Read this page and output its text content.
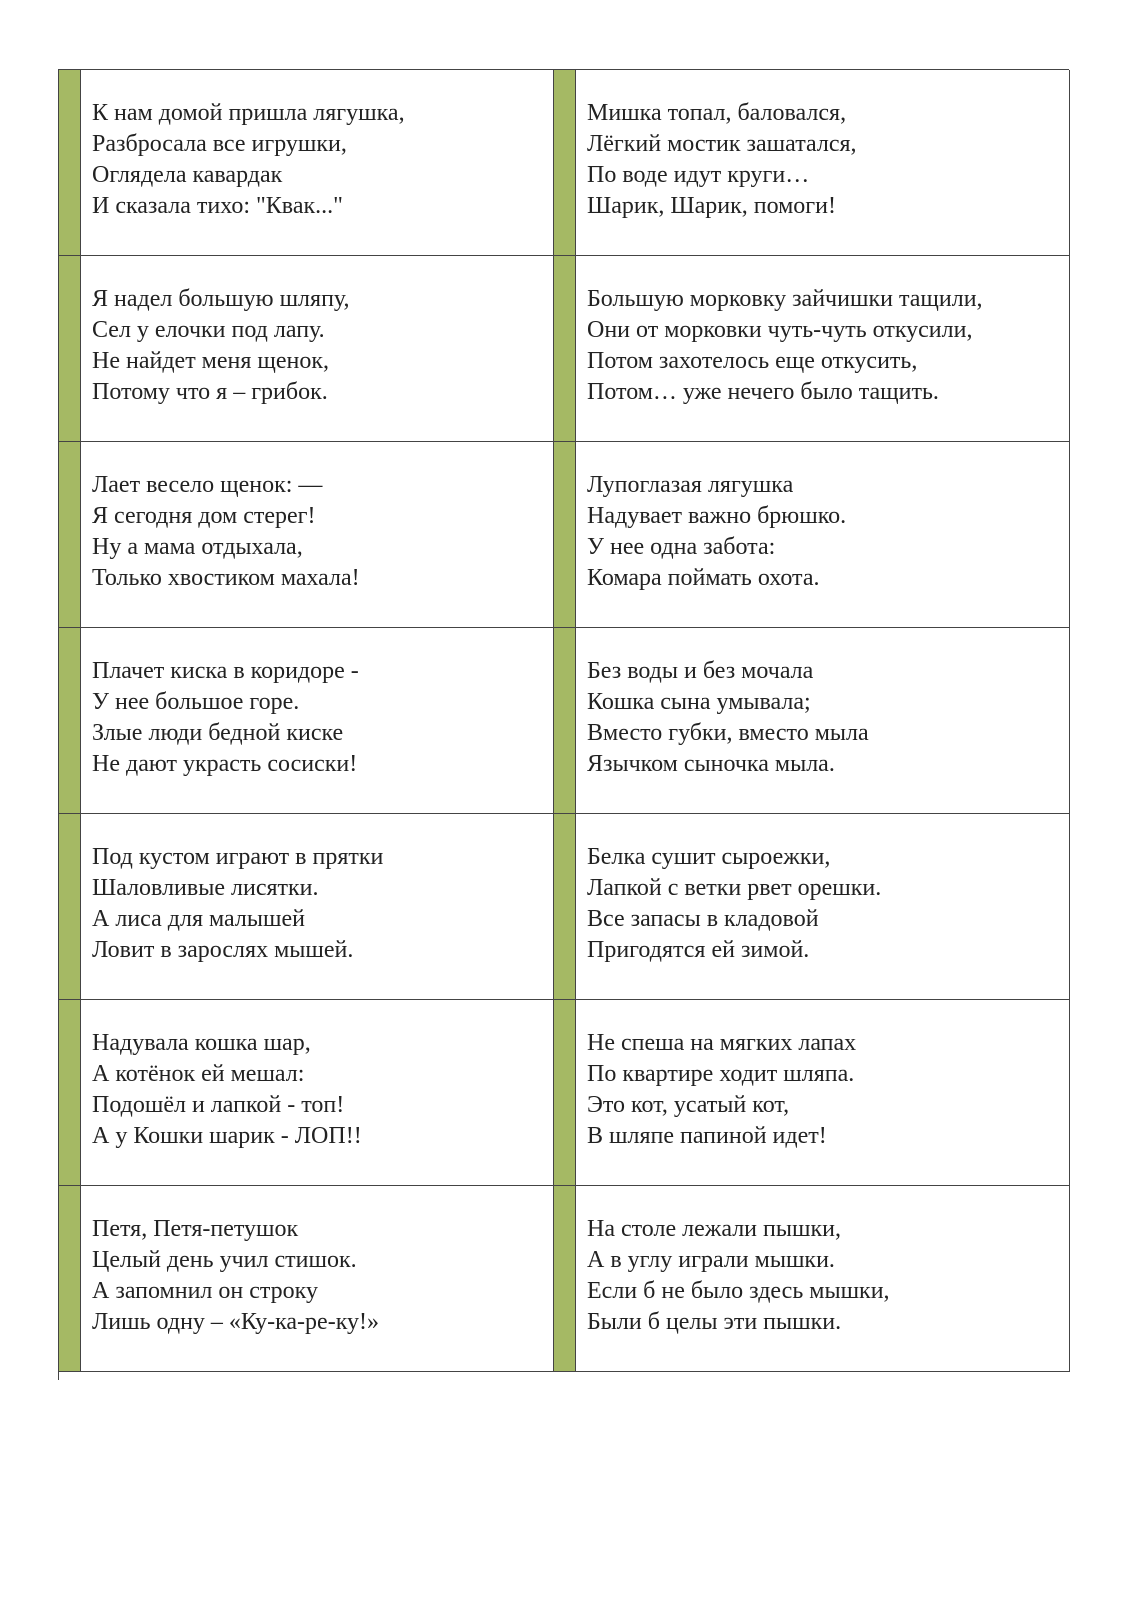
К нам домой пришла лягушка,
Разбросала все игрушки,
Оглядела кавардак
И сказала тихо: "Квак..."
Мишка топал, баловался,
Лёгкий мостик зашатался,
По воде идут круги…
Шарик, Шарик, помоги!
Я надел большую шляпу,
Сел у елочки под лапу.
Не найдет меня щенок,
Потому что я – грибок.
Большую морковку зайчишки тащили,
Они от морковки чуть-чуть откусили,
Потом захотелось еще откусить,
Потом… уже нечего было тащить.
Лает весело щенок: —
Я сегодня дом стерег!
Ну а мама отдыхала,
Только хвостиком махала!
Лупоглазая лягушка
Надувает важно брюшко.
У нее одна забота:
Комара поймать охота.
Плачет киска в коридоре -
У нее большое горе.
Злые люди бедной киске
Не дают украсть сосиски!
Без воды и без мочала
Кошка сына умывала;
Вместо губки, вместо мыла
Язычком сыночка мыла.
Под кустом играют в прятки
Шаловливые лисятки.
А лиса для малышей
Ловит в зарослях мышей.
Белка сушит сыроежки,
Лапкой с ветки рвет орешки.
Все запасы в кладовой
Пригодятся ей зимой.
Надувала кошка шар,
А котёнок ей мешал:
Подошёл и лапкой - топ!
А у Кошки шарик - ЛОП!!
Не спеша на мягких лапах
По квартире ходит шляпа.
Это кот, усатый кот,
В шляпе папиной идет!
Петя, Петя-петушок
Целый день учил стишок.
А запомнил он строку
Лишь одну – «Ку-ка-ре-ку!»
На столе лежали пышки,
А в углу играли мышки.
Если б не было здесь мышки,
Были б целы эти пышки.
